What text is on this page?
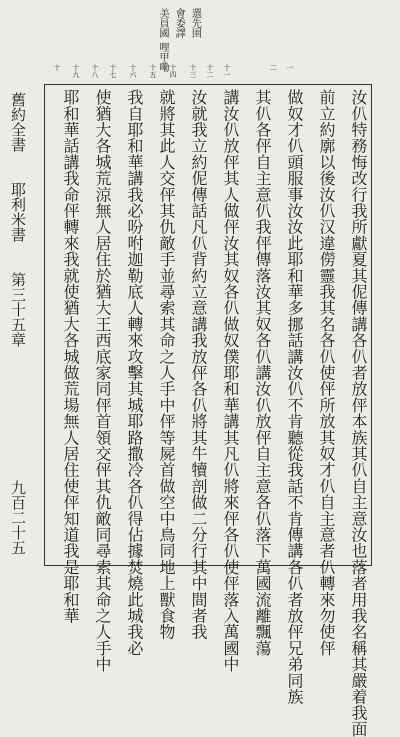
美員國 會委譯 選先圉 哩甲嘞
十 十九 十八 十七 十六 十五 十四 十三 十二 十一	二 一
汝仈特務悔改行我所獻夏其伲傳講各仈者放伻本族其仈自主意汝也落者用我名稱其嚴着我面
前立約廓以後汝仈汉違僗靈我其名各仈使伻所放其奴才仈自主意者仈轉來勿使伻
做奴才仈頭服事汝汝此耶和華多挪話講汝仈不肯聽從我話不肯傳講各仈者放伻兄弟同族
其仈各伻自主意仈我伻傳落汝其奴各仈講汝仈放伻自主意各仈落下萬國流離飄蕩
講汝仈放伻其人做伻汝其奴各仈做奴僕耶和華講其凡仈將來伻各仈使伻落入萬國中
汝就我立約伲傳話凡仈背約立意講我放伻各仈將其牛犢剖做二分行其中間者我
就將其此人交伻其仇敵手並尋索其命之人手中伻等屍首做空中鳥同地上獸食物
我自耶和華講我必吩咐迦勒底人轉來攻擊其城耶路撒冷各仈得佔據焚燒此城我必
使猶大各城荒涼無人居住於猶大王西底家同伻首領交伻其仇敵同尋索其命之人手中
耶和華話講我命伻轉來我就使猶大各城做荒場無人居住使伻知道我是耶和華
舊約全書　　耶利米書　　第三十五章
九百二十五
